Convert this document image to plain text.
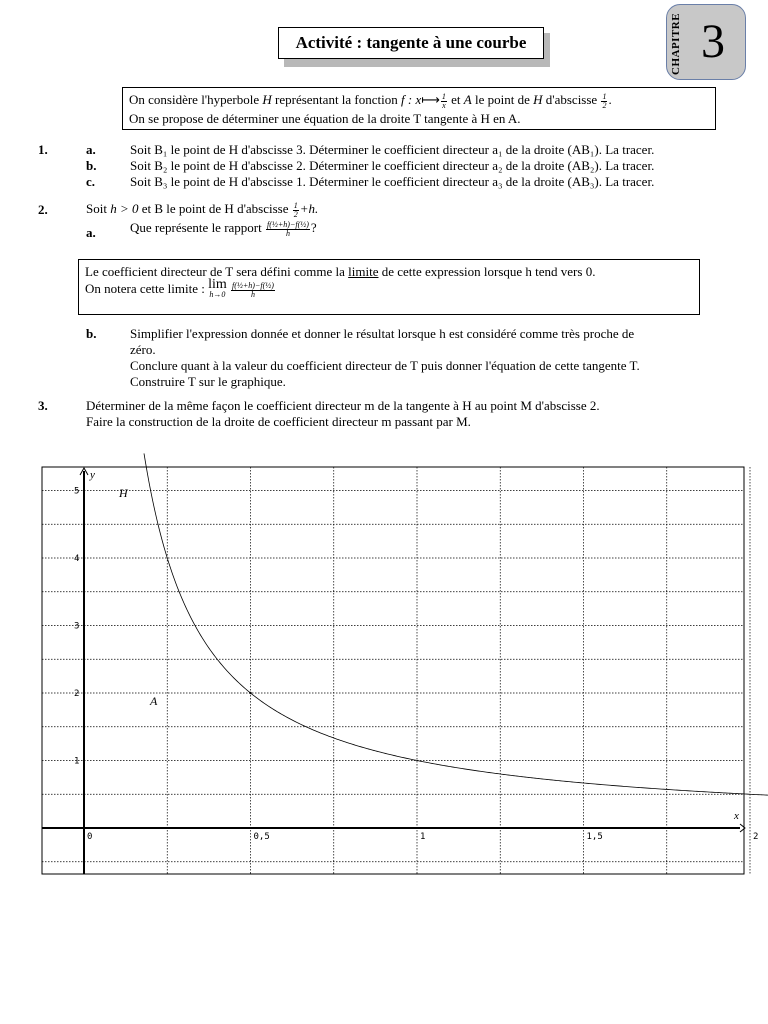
Activité : tangente à une courbe	CHAPITRE 3
On considère l'hyperbole H représentant la fonction f : x⟼ $\frac{1}{x}$ et A le point de H d'abscisse $\frac{1}{2}$ .
On se propose de déterminer une équation de la droite T tangente à H en A.
1.	a.	Soit B₁ le point de H d'abscisse 3. Déterminer le coefficient directeur a₁ de la droite (AB₁). La tracer.
b.	Soit B₂ le point de H d'abscisse 2. Déterminer le coefficient directeur a₂ de la droite (AB₂). La tracer.
c.	Soit B₃ le point de H d'abscisse 1. Déterminer le coefficient directeur a₃ de la droite (AB₃). La tracer.
2.	Soit h > 0 et B le point de H d'abscisse $\frac{1}{2} +h$.
a.	Que représente le rapport $\frac{\text{f(½+h)−f(½)}}{h}$ ?
Le coefficient directeur de T sera défini comme la limite de cette expression lorsque h tend vers 0.
On notera cette limite : lim
h→0
$\frac{\text{f(½+h)−f(½)}}{h}$
b.	Simplifier l'expression donnée et donner le résultat lorsque h est considéré comme très proche de
zéro.
Conclure quant à la valeur du coefficient directeur de T puis donner l'équation de cette tangente T.
Construire T sur le graphique.
3.	Déterminer de la même façon le coefficient directeur m de la tangente à H au point M d'abscisse 2.
Faire la construction de la droite de coefficient directeur m passant par M.
0	0,5	1	1,5	2
1
2
3
4
5	H
A
x
y
